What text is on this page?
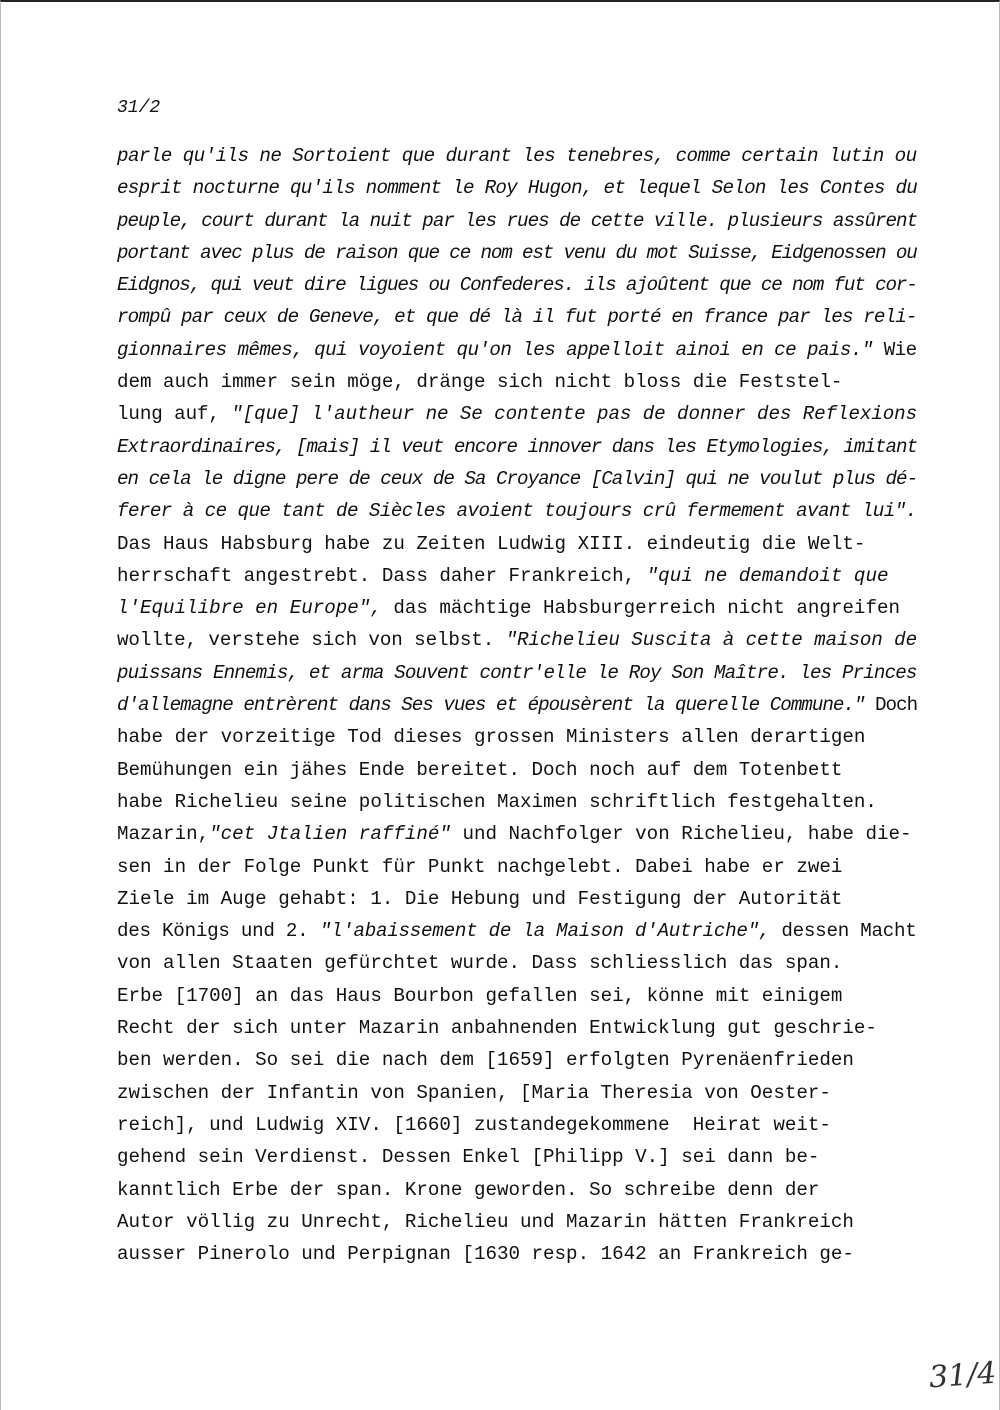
31/2
parle qu'ils ne Sortoient que durant les tenebres, comme certain lutin ou
esprit nocturne qu'ils nomment le Roy Hugon, et lequel Selon les Contes du
peuple, court durant la nuit par les rues de cette ville. plusieurs assûrent
portant avec plus de raison que ce nom est venu du mot Suisse, Eidgenossen ou
Eidgnos, qui veut dire ligues ou Confederes. ils ajoûtent que ce nom fut cor-
rompû par ceux de Geneve, et que dé là il fut porté en france par les reli-
gionnaires mêmes, qui voyoient qu'on les appelloit ainoi en ce pais." Wie
dem auch immer sein möge, dränge sich nicht bloss die Feststel-
lung auf, "[que] l'autheur ne Se contente pas de donner des Reflexions
Extraordinaires, [mais] il veut encore innover dans les Etymologies, imitant
en cela le digne pere de ceux de Sa Croyance [Calvin] qui ne voulut plus dé-
ferer à ce que tant de Siècles avoient toujours crû fermement avant lui".
Das Haus Habsburg habe zu Zeiten Ludwig XIII. eindeutig die Welt-
herrschaft angestrebt. Dass daher Frankreich, "qui ne demandoit que
l'Equilibre en Europe", das mächtige Habsburgerreich nicht angreifen
wollte, verstehe sich von selbst. "Richelieu Suscita à cette maison de
puissans Ennemis, et arma Souvent contr'elle le Roy Son Maître. les Princes
d'allemagne entrèrent dans Ses vues et épousèrent la querelle Commune." Doch
habe der vorzeitige Tod dieses grossen Ministers allen derartigen
Bemühungen ein jähes Ende bereitet. Doch noch auf dem Totenbett
habe Richelieu seine politischen Maximen schriftlich festgehalten.
Mazarin,"cet Jtalien raffiné" und Nachfolger von Richelieu, habe die-
sen in der Folge Punkt für Punkt nachgelebt. Dabei habe er zwei
Ziele im Auge gehabt: 1. Die Hebung und Festigung der Autorität
des Königs und 2. "l'abaissement de la Maison d'Autriche", dessen Macht
von allen Staaten gefürchtet wurde. Dass schliesslich das span.
Erbe [1700] an das Haus Bourbon gefallen sei, könne mit einigem
Recht der sich unter Mazarin anbahnenden Entwicklung gut geschrie-
ben werden. So sei die nach dem [1659] erfolgten Pyrenäenfrieden
zwischen der Infantin von Spanien, [Maria Theresia von Oester-
reich], und Ludwig XIV. [1660] zustandegekommene  Heirat weit-
gehend sein Verdienst. Dessen Enkel [Philipp V.] sei dann be-
kanntlich Erbe der span. Krone geworden. So schreibe denn der
Autor völlig zu Unrecht, Richelieu und Mazarin hätten Frankreich
ausser Pinerolo und Perpignan [1630 resp. 1642 an Frankreich ge-
31/4
